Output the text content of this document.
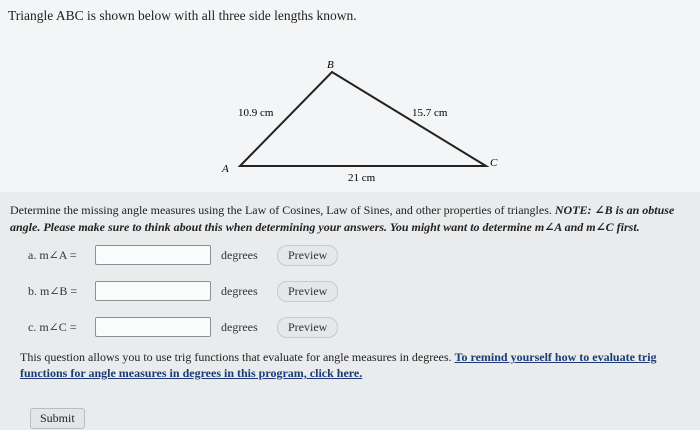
Triangle ABC is shown below with all three side lengths known.
A
B
C
10.9 cm	15.7 cm
21 cm
Determine the missing angle measures using the Law of Cosines, Law of Sines, and other properties of triangles. NOTE: ∠B is an obtuse angle. Please make sure to think about this when determining your answers. You might want to determine m∠A and m∠C first.
a. m∠A =	degrees	Preview
b. m∠B =	degrees	Preview
c. m∠C =	degrees	Preview
This question allows you to use trig functions that evaluate for angle measures in degrees. To remind yourself how to evaluate trig functions for angle measures in degrees in this program, click here.
Submit
